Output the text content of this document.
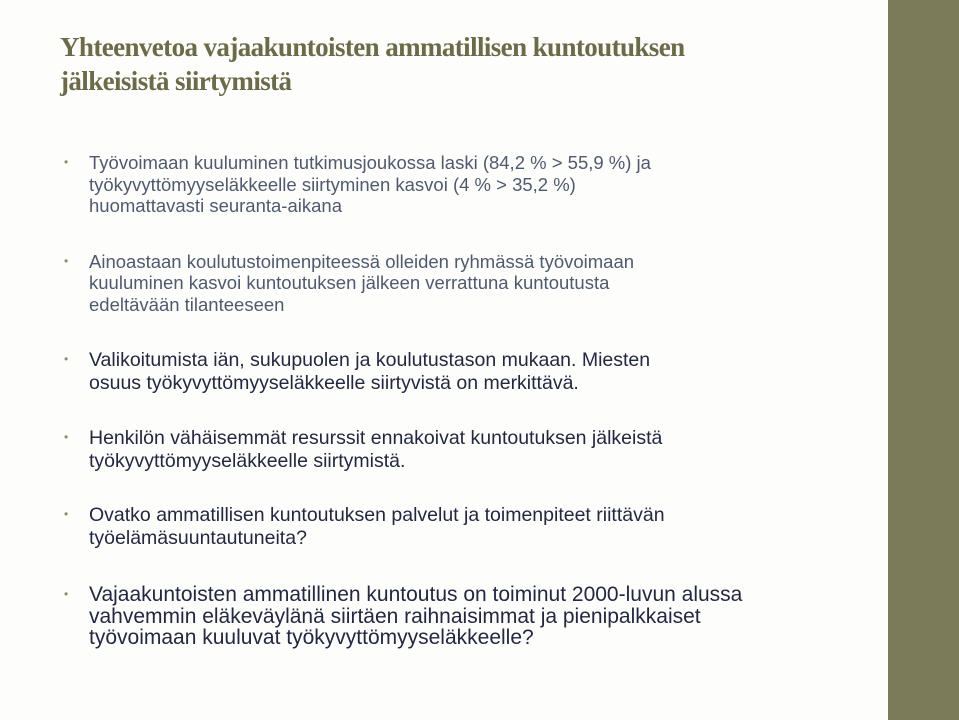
Yhteenvetoa vajaakuntoisten ammatillisen kuntoutuksen
jälkeisistä siirtymistä
• Työvoimaan kuuluminen tutkimusjoukossa laski (84,2 % > 55,9 %) ja
työkyvyttömyyseläkkeelle siirtyminen kasvoi (4 % > 35,2 %)
huomattavasti seuranta-aikana
• Ainoastaan koulutustoimenpiteessä olleiden ryhmässä työvoimaan
kuuluminen kasvoi kuntoutuksen jälkeen verrattuna kuntoutusta
edeltävään tilanteeseen
• Valikoitumista iän, sukupuolen ja koulutustason mukaan. Miesten
osuus työkyvyttömyyseläkkeelle siirtyvistä on merkittävä.
• Henkilön vähäisemmät resurssit ennakoivat kuntoutuksen jälkeistä
työkyvyttömyyseläkkeelle siirtymistä.
• Ovatko ammatillisen kuntoutuksen palvelut ja toimenpiteet riittävän
työelämäsuuntautuneita?
• Vajaakuntoisten ammatillinen kuntoutus on toiminut 2000-luvun alussa
vahvemmin eläkeväylänä siirtäen raihnaisimmat ja pienipalkkaiset
työvoimaan kuuluvat työkyvyttömyyseläkkeelle?
